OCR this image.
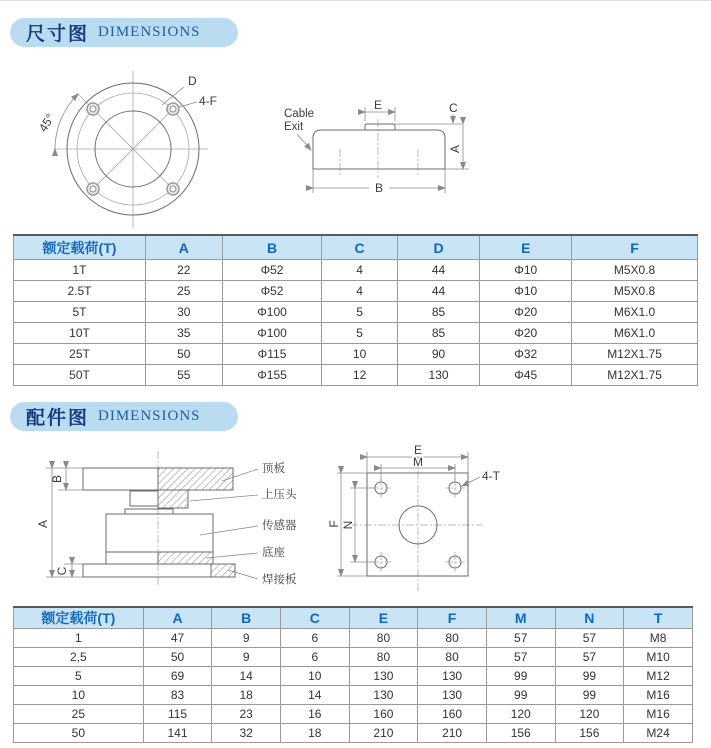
尺寸图 DIMENSIONS
45°
D
4-F	E	C
A
B
Cable
Exit
额定载荷(T)	A	B	C	D	E	F
1T	22	Φ52	4	44	Φ10	M5X0.8
2.5T	25	Φ52	4	44	Φ10	M5X0.8
5T	30	Φ100	5	85	Φ20	M6X1.0
10T	35	Φ100	5	85	Φ20	M6X1.0
25T	50	Φ115	10	90	Φ32	M12X1.75
50T	55	Φ155	12	130	Φ45	M12X1.75
配件图 DIMENSIONS
B
A
C
顶板
上压头
传感器
底座
焊接板
E
M
F N
4-T
额定载荷(T)	A	B	C	E	F	M	N	T
1	47	9	6	80	80	57	57	M8
2,5	50	9	6	80	80	57	57	M10
5	69	14	10	130	130	99	99	M12
10	83	18	14	130	130	99	99	M16
25	115	23	16	160	160	120	120	M16
50	141	32	18	210	210	156	156	M24
